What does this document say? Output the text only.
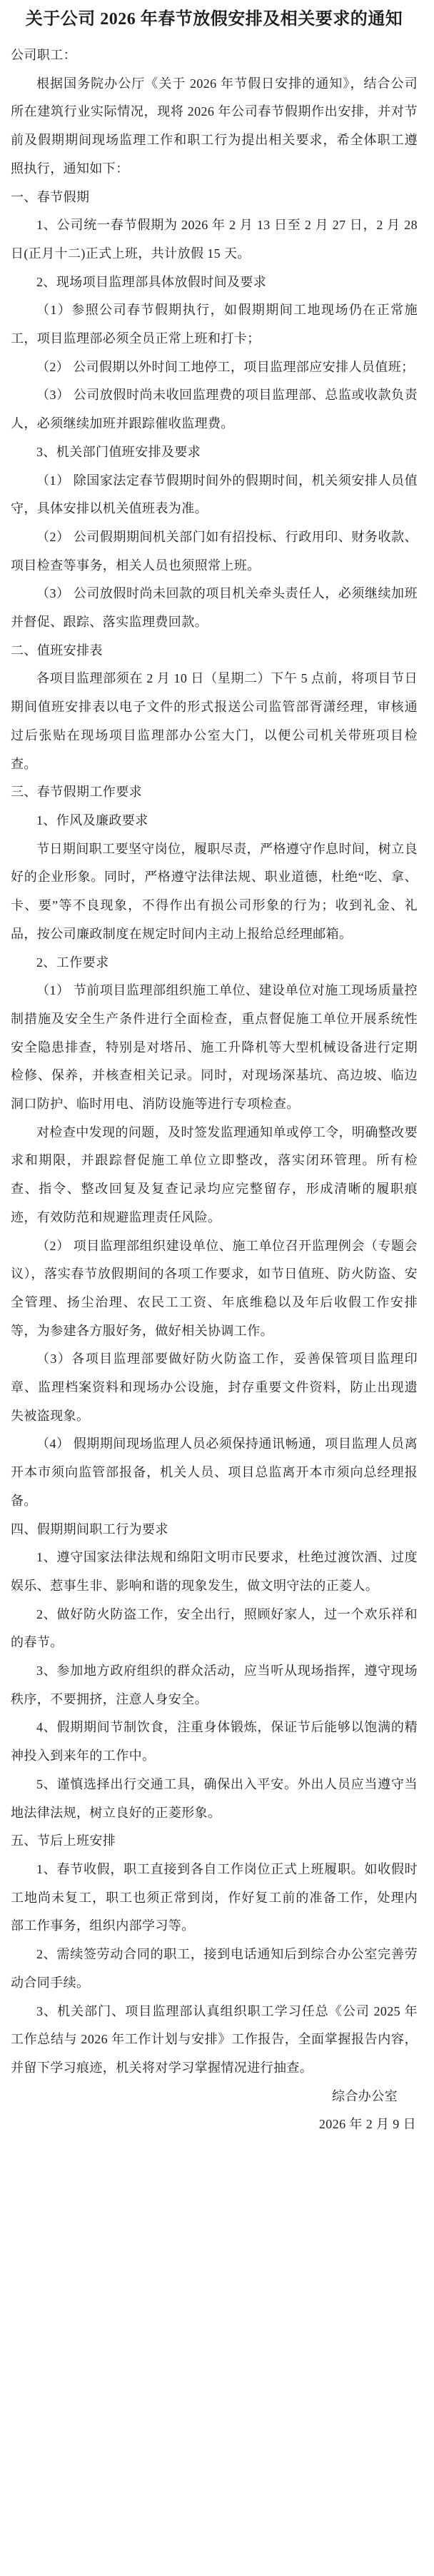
关于公司 2026 年春节放假安排及相关要求的通知

公司职工：

根据国务院办公厅《关于 2026 年节假日安排的通知》，结合公司所在建筑行业实际情况，现将 2026 年公司春节假期作出安排，并对节前及假期期间现场监理工作和职工行为提出相关要求，希全体职工遵照执行，通知如下：

一、春节假期

1、公司统一春节假期为 2026 年 2 月 13 日至 2 月 27 日，2 月 28 日(正月十二)正式上班，共计放假 15 天。

2、现场项目监理部具体放假时间及要求

（1）参照公司春节假期执行，如假期期间工地现场仍在正常施工，项目监理部必须全员正常上班和打卡；

（2） 公司假期以外时间工地停工，项目监理部应安排人员值班；

（3） 公司放假时尚未收回监理费的项目监理部、总监或收款负责人，必须继续加班并跟踪催收监理费。

3、机关部门值班安排及要求

（1） 除国家法定春节假期时间外的假期时间，机关须安排人员值守，具体安排以机关值班表为准。

（2） 公司假期期间机关部门如有招投标、行政用印、财务收款、项目检查等事务，相关人员也须照常上班。

（3） 公司放假时尚未回款的项目机关牵头责任人，必须继续加班并督促、跟踪、落实监理费回款。

二、值班安排表

各项目监理部须在 2 月 10 日（星期二）下午 5 点前，将项目节日期间值班安排表以电子文件的形式报送公司监管部胥潇经理，审核通过后张贴在现场项目监理部办公室大门，以便公司机关带班项目检查。

三、春节假期工作要求

1、作风及廉政要求

节日期间职工要坚守岗位，履职尽责，严格遵守作息时间，树立良好的企业形象。同时，严格遵守法律法规、职业道德，杜绝“吃、拿、卡、要”等不良现象，不得作出有损公司形象的行为；收到礼金、礼品，按公司廉政制度在规定时间内主动上报给总经理邮箱。

2、工作要求

（1） 节前项目监理部组织施工单位、建设单位对施工现场质量控制措施及安全生产条件进行全面检查，重点督促施工单位开展系统性安全隐患排查，特别是对塔吊、施工升降机等大型机械设备进行定期检修、保养，并核查相关记录。同时，对现场深基坑、高边坡、临边洞口防护、临时用电、消防设施等进行专项检查。

对检查中发现的问题，及时签发监理通知单或停工令，明确整改要求和期限，并跟踪督促施工单位立即整改，落实闭环管理。所有检查、指令、整改回复及复查记录均应完整留存，形成清晰的履职痕迹，有效防范和规避监理责任风险。

（2） 项目监理部组织建设单位、施工单位召开监理例会（专题会议），落实春节放假期间的各项工作要求，如节日值班、防火防盗、安全管理、扬尘治理、农民工工资、年底维稳以及年后收假工作安排等，为参建各方服好务，做好相关协调工作。

（3）各项目监理部要做好防火防盗工作，妥善保管项目监理印章、监理档案资料和现场办公设施，封存重要文件资料，防止出现遗失被盗现象。

（4） 假期期间现场监理人员必须保持通讯畅通，项目监理人员离开本市须向监管部报备，机关人员、项目总监离开本市须向总经理报备。

四、假期期间职工行为要求

1、遵守国家法律法规和绵阳文明市民要求，杜绝过渡饮酒、过度娱乐、惹事生非、影响和谐的现象发生，做文明守法的正菱人。

2、做好防火防盗工作，安全出行，照顾好家人，过一个欢乐祥和的春节。

3、参加地方政府组织的群众活动，应当听从现场指挥，遵守现场秩序，不要拥挤，注意人身安全。

4、假期期间节制饮食，注重身体锻炼，保证节后能够以饱满的精神投入到来年的工作中。

5、谨慎选择出行交通工具，确保出入平安。外出人员应当遵守当地法律法规，树立良好的正菱形象。

五、节后上班安排

1、春节收假，职工直接到各自工作岗位正式上班履职。如收假时工地尚未复工，职工也须正常到岗，作好复工前的准备工作，处理内部工作事务，组织内部学习等。

2、需续签劳动合同的职工，接到电话通知后到综合办公室完善劳动合同手续。

3、机关部门、项目监理部认真组织职工学习任总《公司 2025 年工作总结与 2026 年工作计划与安排》工作报告，全面掌握报告内容，并留下学习痕迹，机关将对学习掌握情况进行抽查。

综合办公室

2026 年 2 月 9 日
